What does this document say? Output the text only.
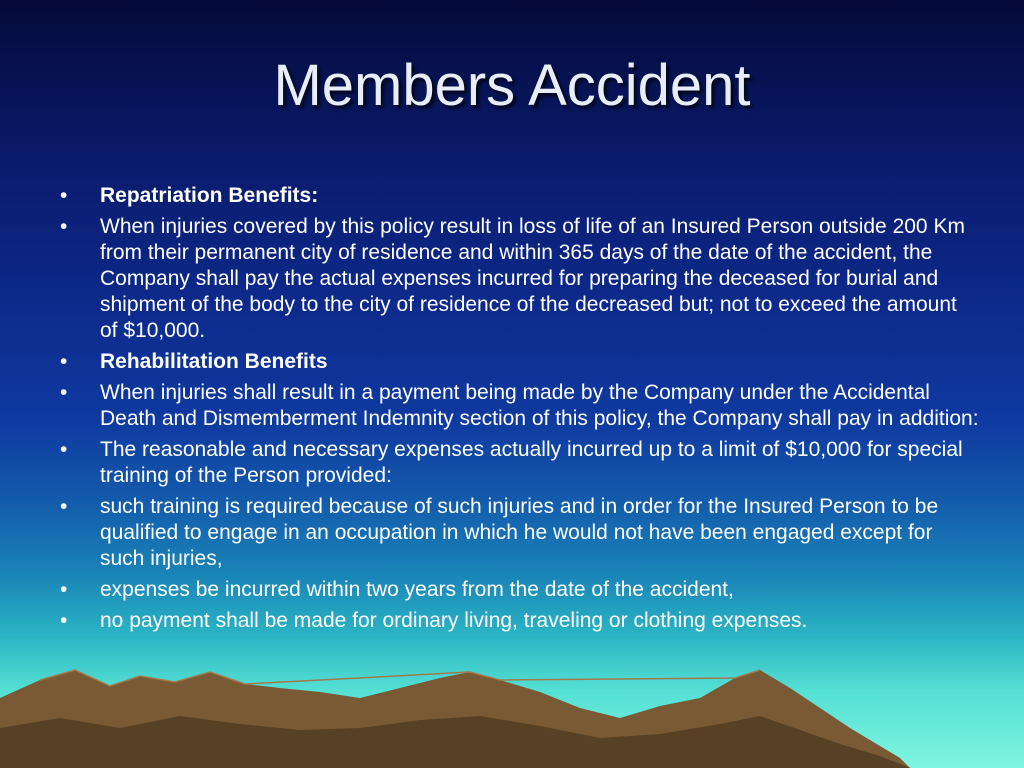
Members Accident
•	Repatriation Benefits:
•	When injuries covered by this policy result in loss of life of an Insured Person outside 200 Km from their permanent city of residence and within 365 days of the date of the accident, the Company shall pay the actual expenses incurred for preparing the deceased for burial and shipment of the body to the city of residence of the decreased but; not to exceed the amount of $10,000.
•	Rehabilitation Benefits
•	When injuries shall result in a payment being made by the Company under the Accidental Death and Dismemberment Indemnity section of this policy, the Company shall pay in addition:
•	The reasonable and necessary expenses actually incurred up to a limit of $10,000 for special training of the Person provided:
•	such training is required because of such injuries and in order for the Insured Person to be qualified to engage in an occupation in which he would not have been engaged except for such injuries,
•	expenses be incurred within two years from the date of the accident,
•	no payment shall be made for ordinary living, traveling or clothing expenses.
